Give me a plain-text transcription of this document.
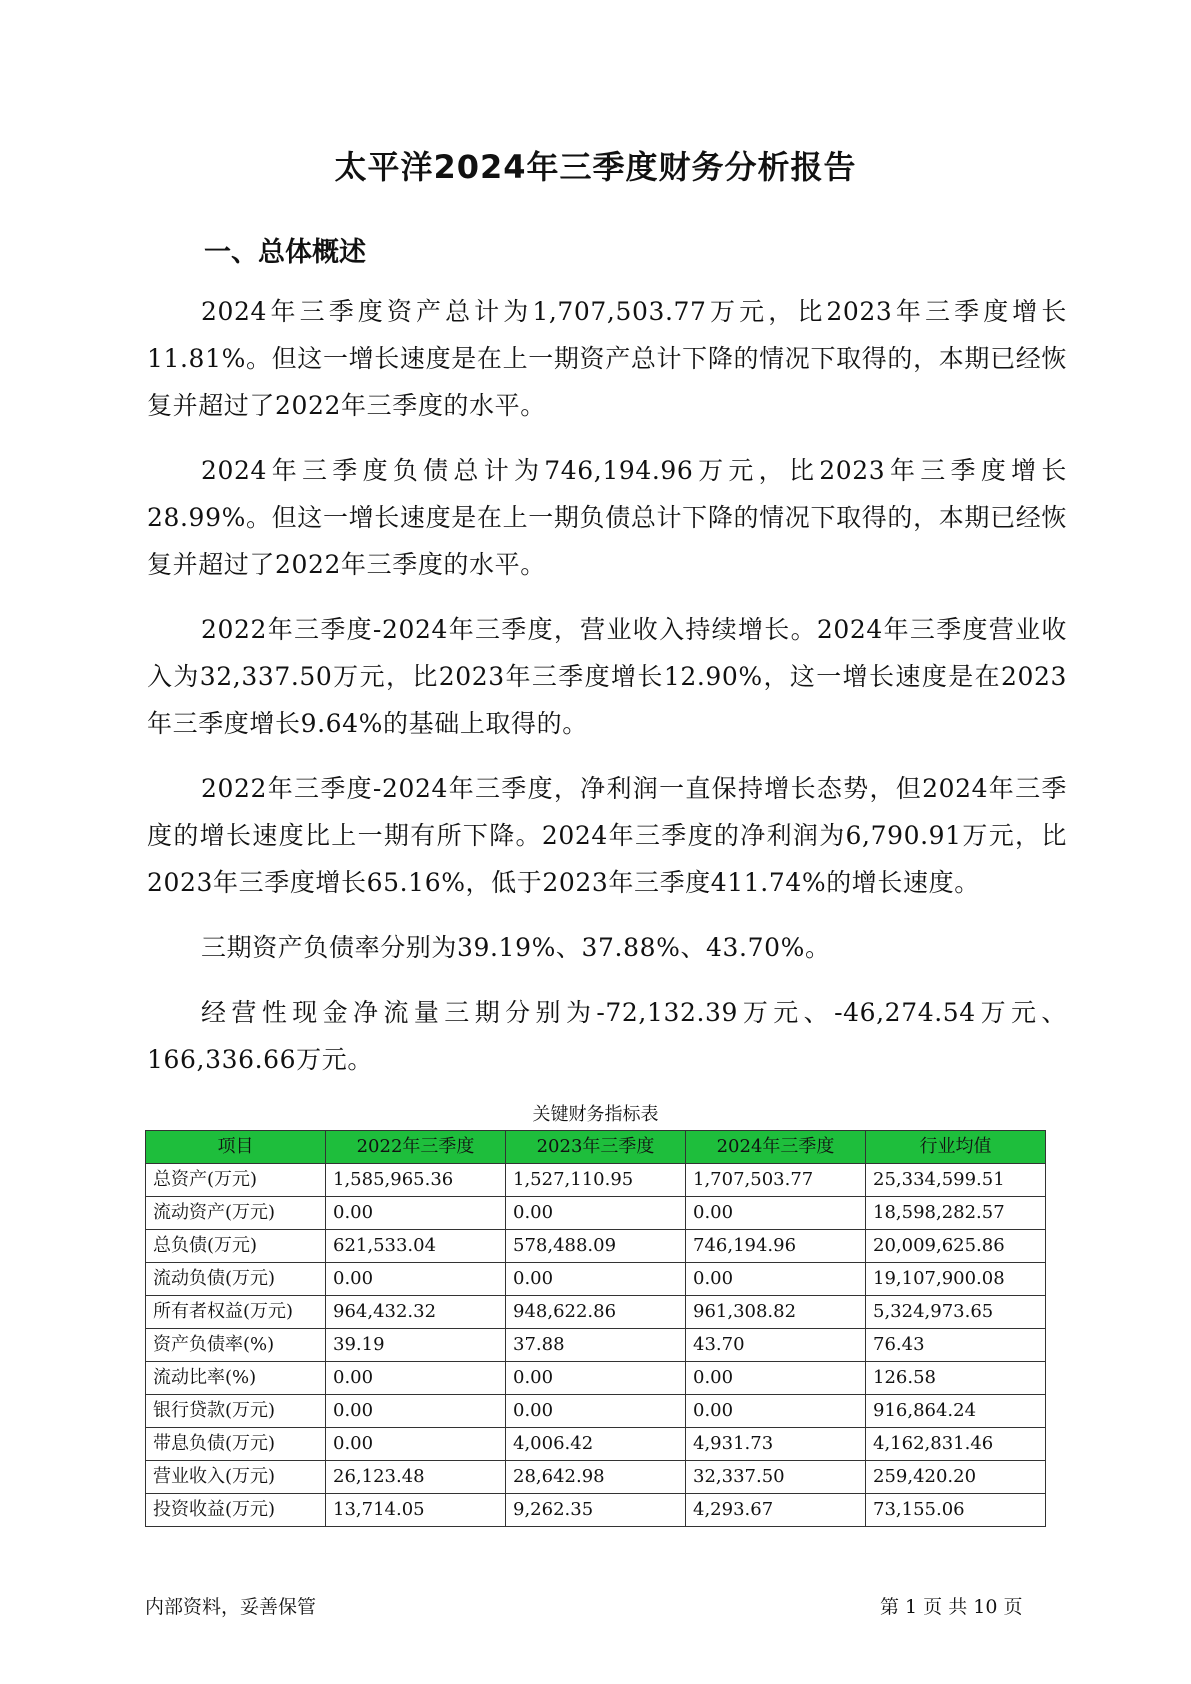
太平洋2024年三季度财务分析报告
一、总体概述

2024年三季度资产总计为1,707,503.77万元，比2023年三季度增长11.81%。但这一增长速度是在上一期资产总计下降的情况下取得的，本期已经恢复并超过了2022年三季度的水平。

2024年三季度负债总计为746,194.96万元，比2023年三季度增长28.99%。但这一增长速度是在上一期负债总计下降的情况下取得的，本期已经恢复并超过了2022年三季度的水平。

2022年三季度-2024年三季度，营业收入持续增长。2024年三季度营业收入为32,337.50万元，比2023年三季度增长12.90%，这一增长速度是在2023年三季度增长9.64%的基础上取得的。

2022年三季度-2024年三季度，净利润一直保持增长态势，但2024年三季度的增长速度比上一期有所下降。2024年三季度的净利润为6,790.91万元，比2023年三季度增长65.16%，低于2023年三季度411.74%的增长速度。

三期资产负债率分别为39.19%、37.88%、43.70%。

经营性现金净流量三期分别为-72,132.39万元、-46,274.54万元、166,336.66万元。

关键财务指标表

项目	2022年三季度	2023年三季度	2024年三季度	行业均值
总资产(万元)	1,585,965.36	1,527,110.95	1,707,503.77	25,334,599.51
流动资产(万元)	0.00	0.00	0.00	18,598,282.57
总负债(万元)	621,533.04	578,488.09	746,194.96	20,009,625.86
流动负债(万元)	0.00	0.00	0.00	19,107,900.08
所有者权益(万元)	964,432.32	948,622.86	961,308.82	5,324,973.65
资产负债率(%)	39.19	37.88	43.70	76.43
流动比率(%)	0.00	0.00	0.00	126.58
银行贷款(万元)	0.00	0.00	0.00	916,864.24
带息负债(万元)	0.00	4,006.42	4,931.73	4,162,831.46
营业收入(万元)	26,123.48	28,642.98	32,337.50	259,420.20
投资收益(万元)	13,714.05	9,262.35	4,293.67	73,155.06

内部资料，妥善保管	第 1 页 共 10 页
